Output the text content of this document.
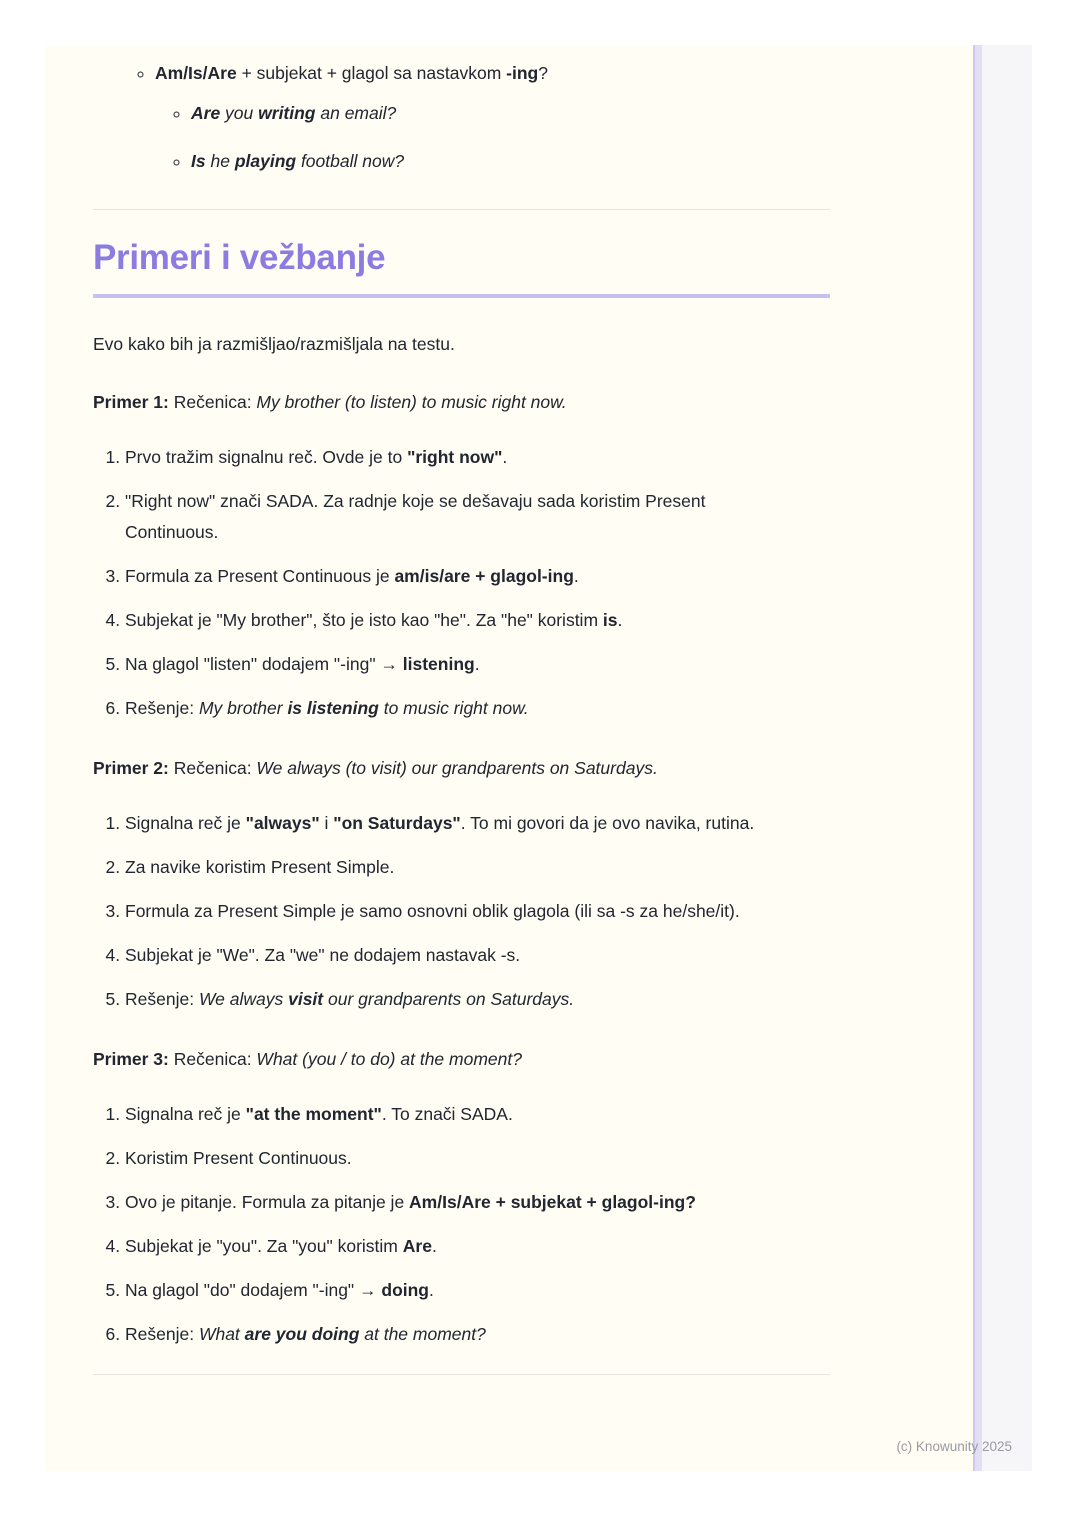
◦ Am/Is/Are + subjekat + glagol sa nastavkom -ing?
◦ Are you writing an email?
◦ Is he playing football now?
Primeri i vežbanje

Evo kako bih ja razmišljao/razmišljala na testu.

Primer 1: Rečenica: My brother (to listen) to music right now.

1. Prvo tražim signalnu reč. Ovde je to "right now".
2. "Right now" znači SADA. Za radnje koje se dešavaju sada koristim Present Continuous.
3. Formula za Present Continuous je am/is/are + glagol-ing.
4. Subjekat je "My brother", što je isto kao "he". Za "he" koristim is.
5. Na glagol "listen" dodajem "-ing" → listening.
6. Rešenje: My brother is listening to music right now.

Primer 2: Rečenica: We always (to visit) our grandparents on Saturdays.

1. Signalna reč je "always" i "on Saturdays". To mi govori da je ovo navika, rutina.
2. Za navike koristim Present Simple.
3. Formula za Present Simple je samo osnovni oblik glagola (ili sa -s za he/she/it).
4. Subjekat je "We". Za "we" ne dodajem nastavak -s.
5. Rešenje: We always visit our grandparents on Saturdays.

Primer 3: Rečenica: What (you / to do) at the moment?

1. Signalna reč je "at the moment". To znači SADA.
2. Koristim Present Continuous.
3. Ovo je pitanje. Formula za pitanje je Am/Is/Are + subjekat + glagol-ing?
4. Subjekat je "you". Za "you" koristim Are.
5. Na glagol "do" dodajem "-ing" → doing.
6. Rešenje: What are you doing at the moment?
(c) Knowunity 2025
